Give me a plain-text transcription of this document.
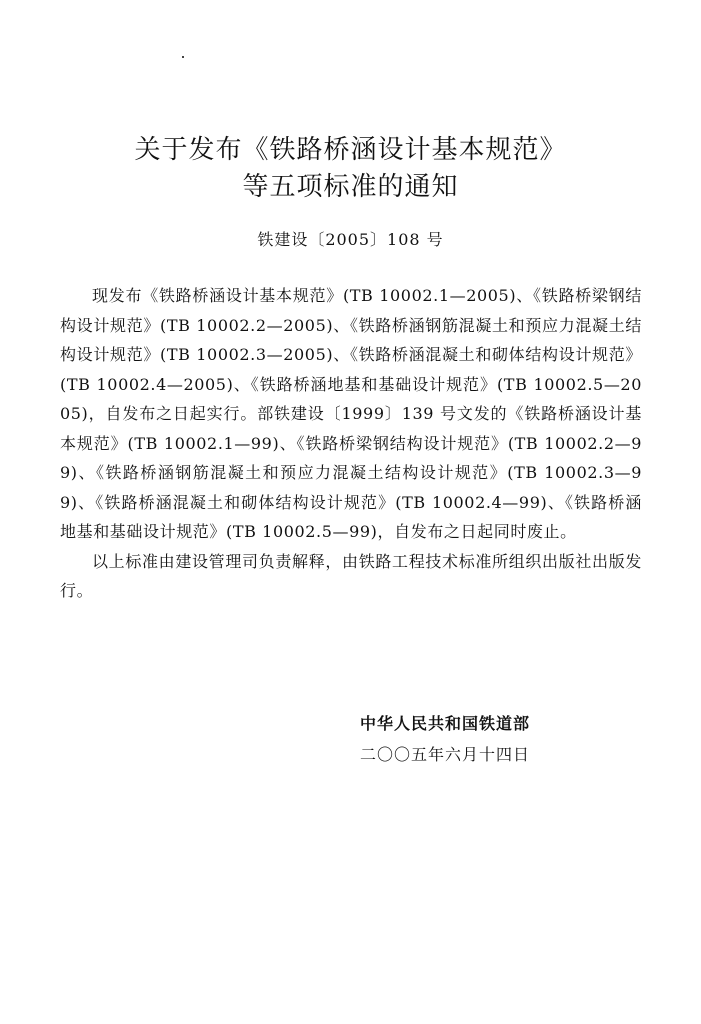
关于发布《铁路桥涵设计基本规范》
等五项标准的通知
铁建设〔2005〕108 号

现发布《铁路桥涵设计基本规范》(TB 10002.1—2005)、《铁路桥梁钢结构设计规范》(TB 10002.2—2005)、《铁路桥涵钢筋混凝土和预应力混凝土结构设计规范》(TB 10002.3—2005)、《铁路桥涵混凝土和砌体结构设计规范》(TB 10002.4—2005)、《铁路桥涵地基和基础设计规范》(TB 10002.5—2005)，自发布之日起实行。部铁建设〔1999〕139 号文发的《铁路桥涵设计基本规范》(TB 10002.1—99)、《铁路桥梁钢结构设计规范》(TB 10002.2—99)、《铁路桥涵钢筋混凝土和预应力混凝土结构设计规范》(TB 10002.3—99)、《铁路桥涵混凝土和砌体结构设计规范》(TB 10002.4—99)、《铁路桥涵地基和基础设计规范》(TB 10002.5—99)，自发布之日起同时废止。

以上标准由建设管理司负责解释，由铁路工程技术标准所组织出版社出版发行。

中华人民共和国铁道部
二〇〇五年六月十四日
